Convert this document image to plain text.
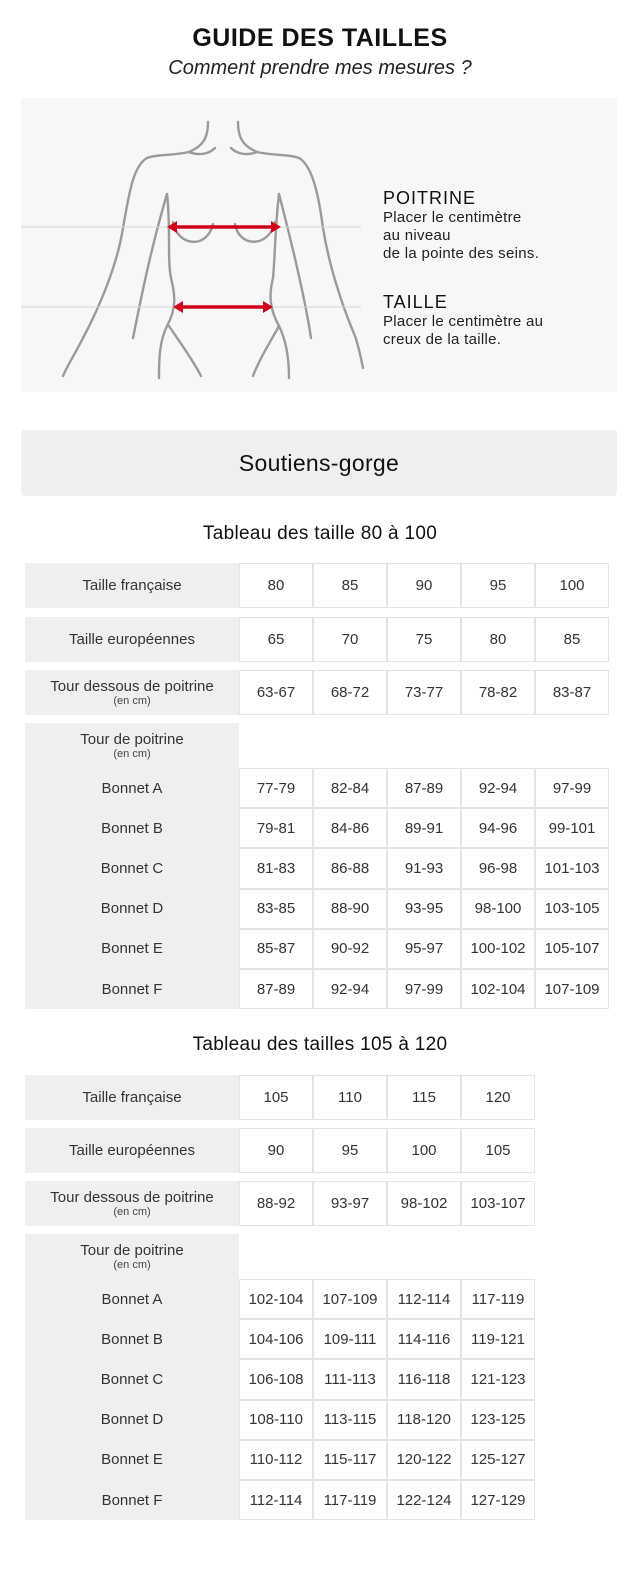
GUIDE DES TAILLES
Comment prendre mes mesures ?
POITRINE
Placer le centimètre
au niveau
de la pointe des seins.
TAILLE
Placer le centimètre au
creux de la taille.
Soutiens-gorge
Tableau des taille 80 à 100
Taille française	80	85	90	95	100
Taille européennes	65	70	75	80	85
Tour dessous de poitrine
(en cm)	63-67	68-72	73-77	78-82	83-87
Tour de poitrine
(en cm)
Bonnet A	77-79	82-84	87-89	92-94	97-99
Bonnet B	79-81	84-86	89-91	94-96	99-101
Bonnet C	81-83	86-88	91-93	96-98	101-103
Bonnet D	83-85	88-90	93-95	98-100	103-105
Bonnet E	85-87	90-92	95-97	100-102	105-107
Bonnet F	87-89	92-94	97-99	102-104	107-109
Tableau des tailles 105 à 120
Taille française	105	110	115	120
Taille européennes	90	95	100	105
Tour dessous de poitrine
(en cm)	88-92	93-97	98-102	103-107
Tour de poitrine
(en cm)
Bonnet A	102-104	107-109	112-114	117-119
Bonnet B	104-106	109-111	114-116	119-121
Bonnet C	106-108	111-113	116-118	121-123
Bonnet D	108-110	113-115	118-120	123-125
Bonnet E	110-112	115-117	120-122	125-127
Bonnet F	112-114	117-119	122-124	127-129
